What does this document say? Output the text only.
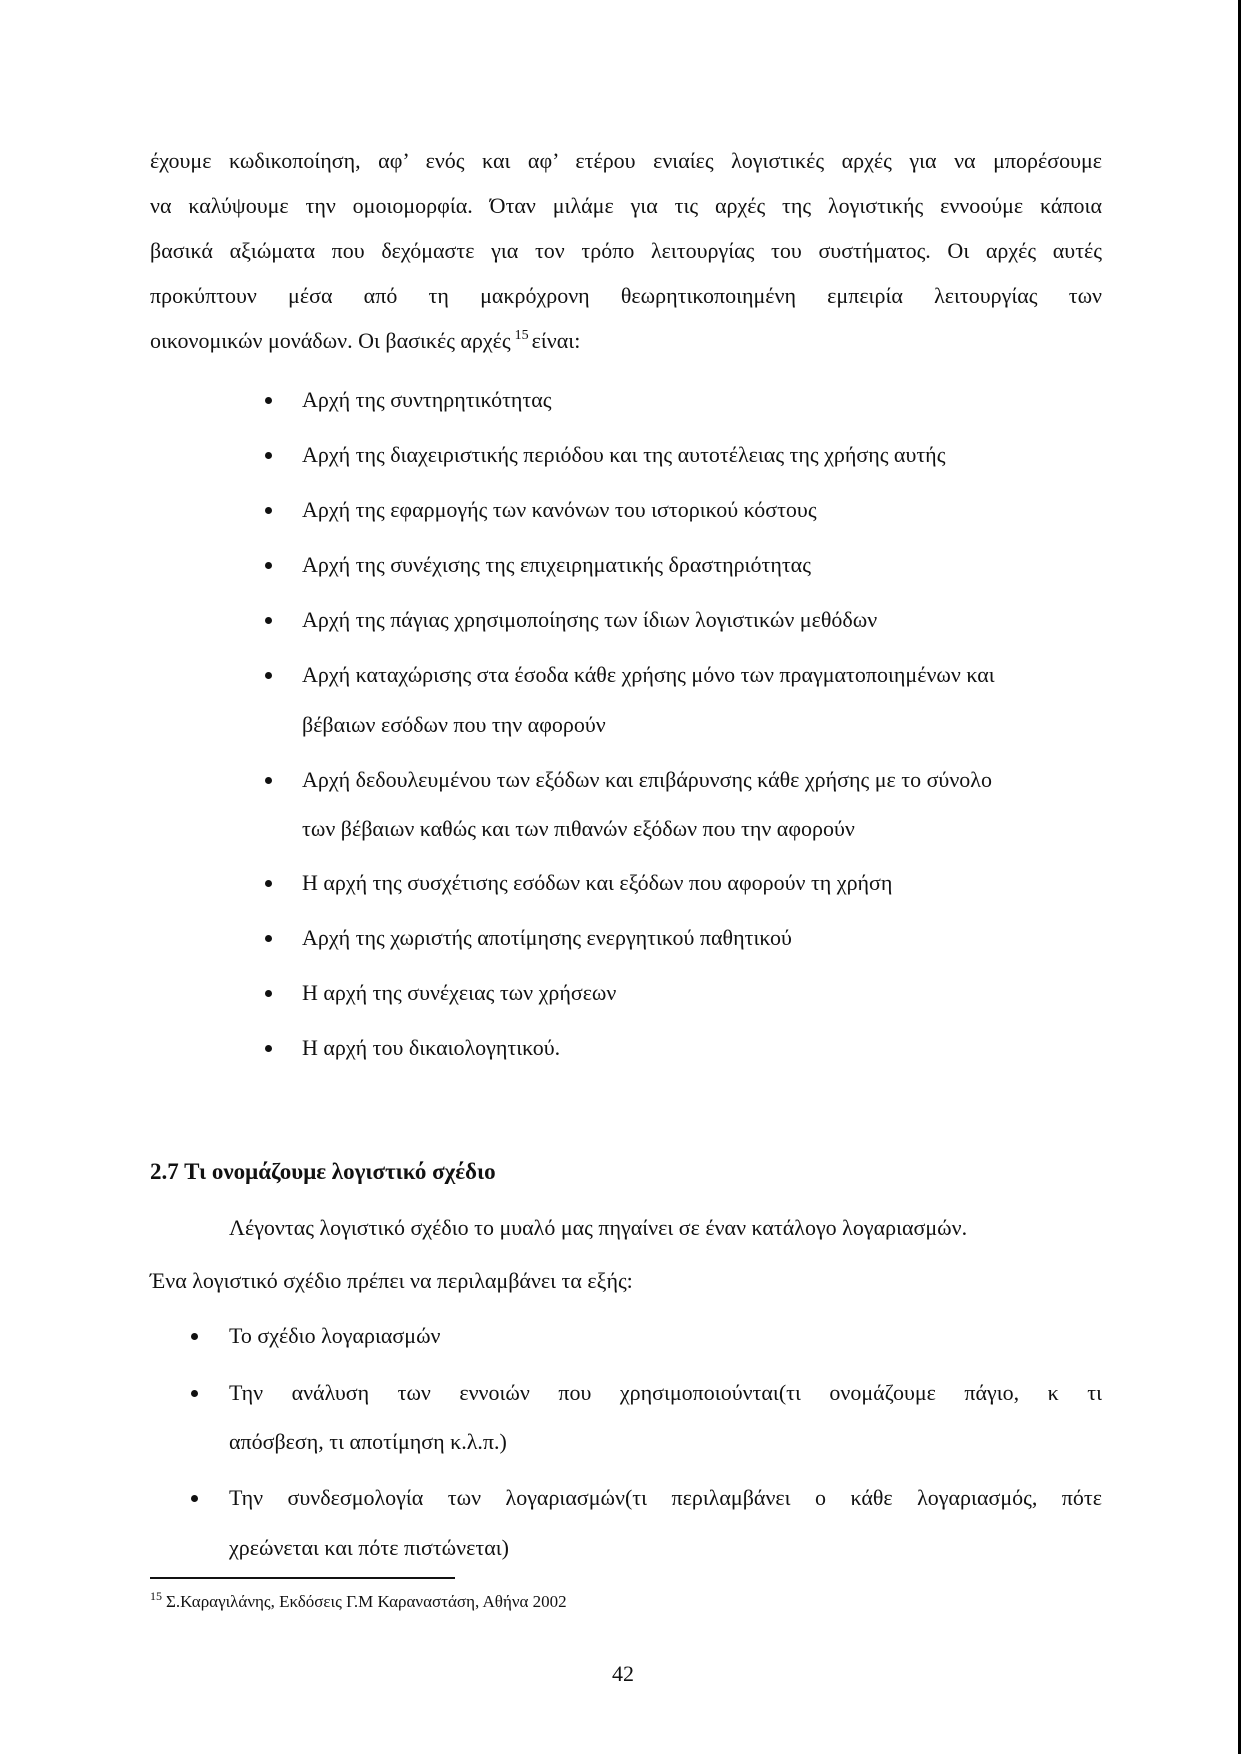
έχουμε κωδικοποίηση, αφ’ ενός και αφ’ ετέρου ενιαίες λογιστικές αρχές για να μπορέσουμε
να καλύψουμε την ομοιομορφία. Όταν μιλάμε για τις αρχές της λογιστικής εννοούμε κάποια
βασικά αξιώματα που δεχόμαστε για τον τρόπο λειτουργίας του συστήματος. Οι αρχές αυτές
προκύπτουν μέσα από τη μακρόχρονη θεωρητικοποιημένη εμπειρία λειτουργίας των
οικονομικών μονάδων. Οι βασικές αρχές $^{15}$ είναι:
Αρχή της συντηρητικότητας
Αρχή της διαχειριστικής περιόδου και της αυτοτέλειας της χρήσης αυτής
Αρχή της εφαρμογής των κανόνων του ιστορικού κόστους
Αρχή της συνέχισης της επιχειρηματικής δραστηριότητας
Αρχή της πάγιας χρησιμοποίησης των ίδιων λογιστικών μεθόδων
Αρχή καταχώρισης στα έσοδα κάθε χρήσης μόνο των πραγματοποιημένων και
βέβαιων εσόδων που την αφορούν
Αρχή δεδουλευμένου των εξόδων και επιβάρυνσης κάθε χρήσης με το σύνολο
των βέβαιων καθώς και των πιθανών εξόδων που την αφορούν
Η αρχή της συσχέτισης εσόδων και εξόδων που αφορούν τη χρήση
Αρχή της χωριστής αποτίμησης ενεργητικού παθητικού
Η αρχή της συνέχειας των χρήσεων
Η αρχή του δικαιολογητικού.
2.7 Τι ονομάζουμε λογιστικό σχέδιο
Λέγοντας λογιστικό σχέδιο το μυαλό μας πηγαίνει σε έναν κατάλογο λογαριασμών.
Ένα λογιστικό σχέδιο πρέπει να περιλαμβάνει τα εξής:
Το σχέδιο λογαριασμών
Την ανάλυση των εννοιών που χρησιμοποιούνται(τι ονομάζουμε πάγιο, κ τι
απόσβεση, τι αποτίμηση κ.λ.π.)
Την συνδεσμολογία των λογαριασμών(τι περιλαμβάνει ο κάθε λογαριασμός, πότε
χρεώνεται και πότε πιστώνεται)
$^{15}$ Σ.Καραγιλάνης, Εκδόσεις Γ.Μ Καραναστάση, Αθήνα 2002
42
